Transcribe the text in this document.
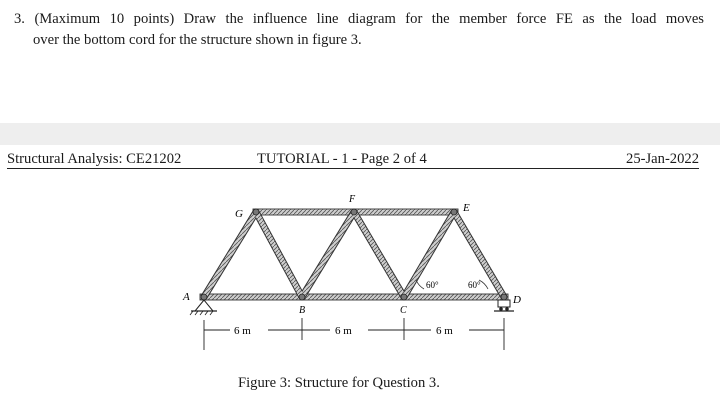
3. (Maximum 10 points) Draw the influence line diagram for the member force FE as the load moves
over the bottom cord for the structure shown in figure 3.
Structural Analysis: CE21202	TUTORIAL - 1 - Page 2 of 4	25-Jan-2022
A
B	C
D
E
F
G
60°	60°
6 m	6 m	6 m
Figure 3: Structure for Question 3.
